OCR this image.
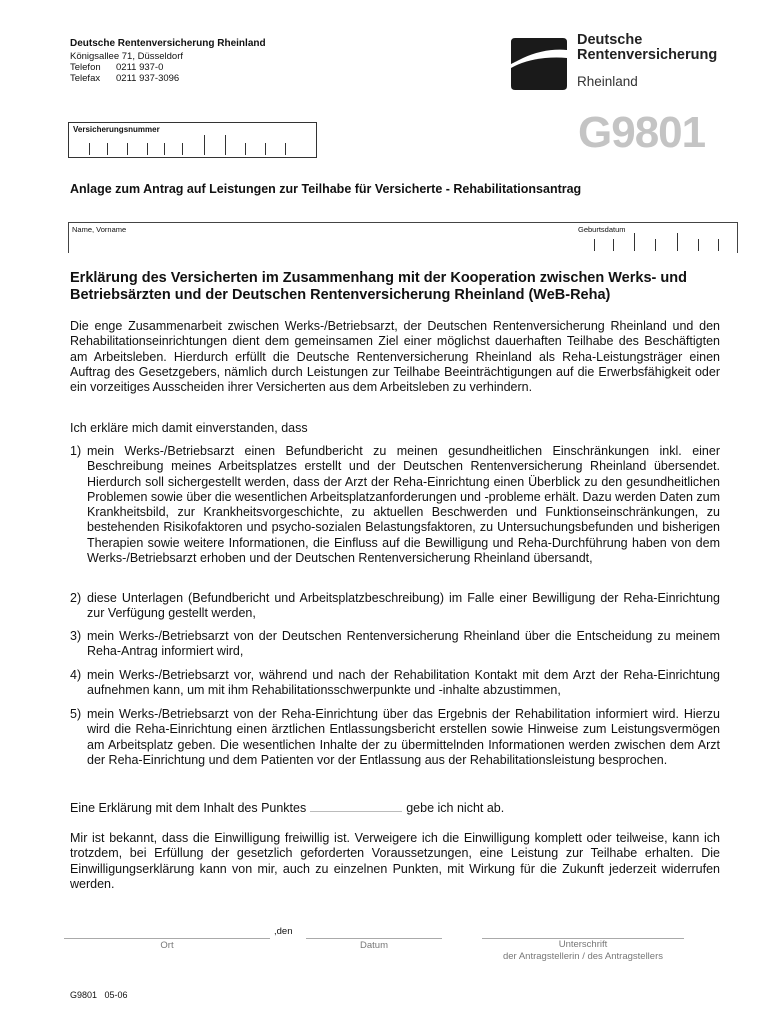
Deutsche Rentenversicherung Rheinland
Königsallee 71, Düsseldorf
Telefon 0211 937-0
Telefax 0211 937-3096
Deutsche
Rentenversicherung
Rheinland
Versicherungsnummer	G9801
Anlage zum Antrag auf Leistungen zur Teilhabe für Versicherte - Rehabilitationsantrag
Name, Vorname	Geburtsdatum
Erklärung des Versicherten im Zusammenhang mit der Kooperation zwischen Werks- und Betriebsärzten und der Deutschen Rentenversicherung Rheinland (WeB-Reha)

Die enge Zusammenarbeit zwischen Werks-/Betriebsarzt, der Deutschen Rentenversicherung Rheinland und den Rehabilitationseinrichtungen dient dem gemeinsamen Ziel einer möglichst dauerhaften Teilhabe des Beschäftigten am Arbeitsleben. Hierdurch erfüllt die Deutsche Rentenversicherung Rheinland als Reha-Leistungsträger einen Auftrag des Gesetzgebers, nämlich durch Leistungen zur Teilhabe Beeinträchtigungen auf die Erwerbsfähigkeit oder ein vorzeitiges Ausscheiden ihrer Versicherten aus dem Arbeitsleben zu verhindern.

Ich erkläre mich damit einverstanden, dass

1) mein Werks-/Betriebsarzt einen Befundbericht zu meinen gesundheitlichen Einschränkungen inkl. einer Beschreibung meines Arbeitsplatzes erstellt und der Deutschen Rentenversicherung Rheinland übersendet. Hierdurch soll sichergestellt werden, dass der Arzt der Reha-Einrichtung einen Überblick zu den gesundheitlichen Problemen sowie über die wesentlichen Arbeitsplatzanforderungen und -probleme erhält. Dazu werden Daten zum Krankheitsbild, zur Krankheitsvorgeschichte, zu aktuellen Beschwerden und Funktionseinschränkungen, zu bestehenden Risikofaktoren und psycho-sozialen Belastungsfaktoren, zu Untersuchungsbefunden und bisherigen Therapien sowie weitere Informationen, die Einfluss auf die Bewilligung und Reha-Durchführung haben von dem Werks-/Betriebsarzt erhoben und der Deutschen Rentenversicherung Rheinland übersandt,
2) diese Unterlagen (Befundbericht und Arbeitsplatzbeschreibung) im Falle einer Bewilligung der Reha-Einrichtung zur Verfügung gestellt werden,
3) mein Werks-/Betriebsarzt von der Deutschen Rentenversicherung Rheinland über die Entscheidung zu meinem Reha-Antrag informiert wird,
4) mein Werks-/Betriebsarzt vor, während und nach der Rehabilitation Kontakt mit dem Arzt der Reha-Einrichtung aufnehmen kann, um mit ihm Rehabilitationsschwerpunkte und -inhalte abzustimmen,
5) mein Werks-/Betriebsarzt von der Reha-Einrichtung über das Ergebnis der Rehabilitation informiert wird. Hierzu wird die Reha-Einrichtung einen ärztlichen Entlassungsbericht erstellen sowie Hinweise zum Leistungsvermögen am Arbeitsplatz geben. Die wesentlichen Inhalte der zu übermittelnden Informationen werden zwischen dem Arzt der Reha-Einrichtung und dem Patienten vor der Entlassung aus der Rehabilitationsleistung besprochen.
Eine Erklärung mit dem Inhalt des Punktes	gebe ich nicht ab.

Mir ist bekannt, dass die Einwilligung freiwillig ist. Verweigere ich die Einwilligung komplett oder teilweise, kann ich trotzdem, bei Erfüllung der gesetzlich geforderten Voraussetzungen, eine Leistung zur Teilhabe erhalten. Die Einwilligungserklärung kann von mir, auch zu einzelnen Punkten, mit Wirkung für die Zukunft jederzeit widerrufen werden.

,den
Ort	Datum	Unterschrift
der Antragstellerin / des Antragstellers
G9801   05-06
